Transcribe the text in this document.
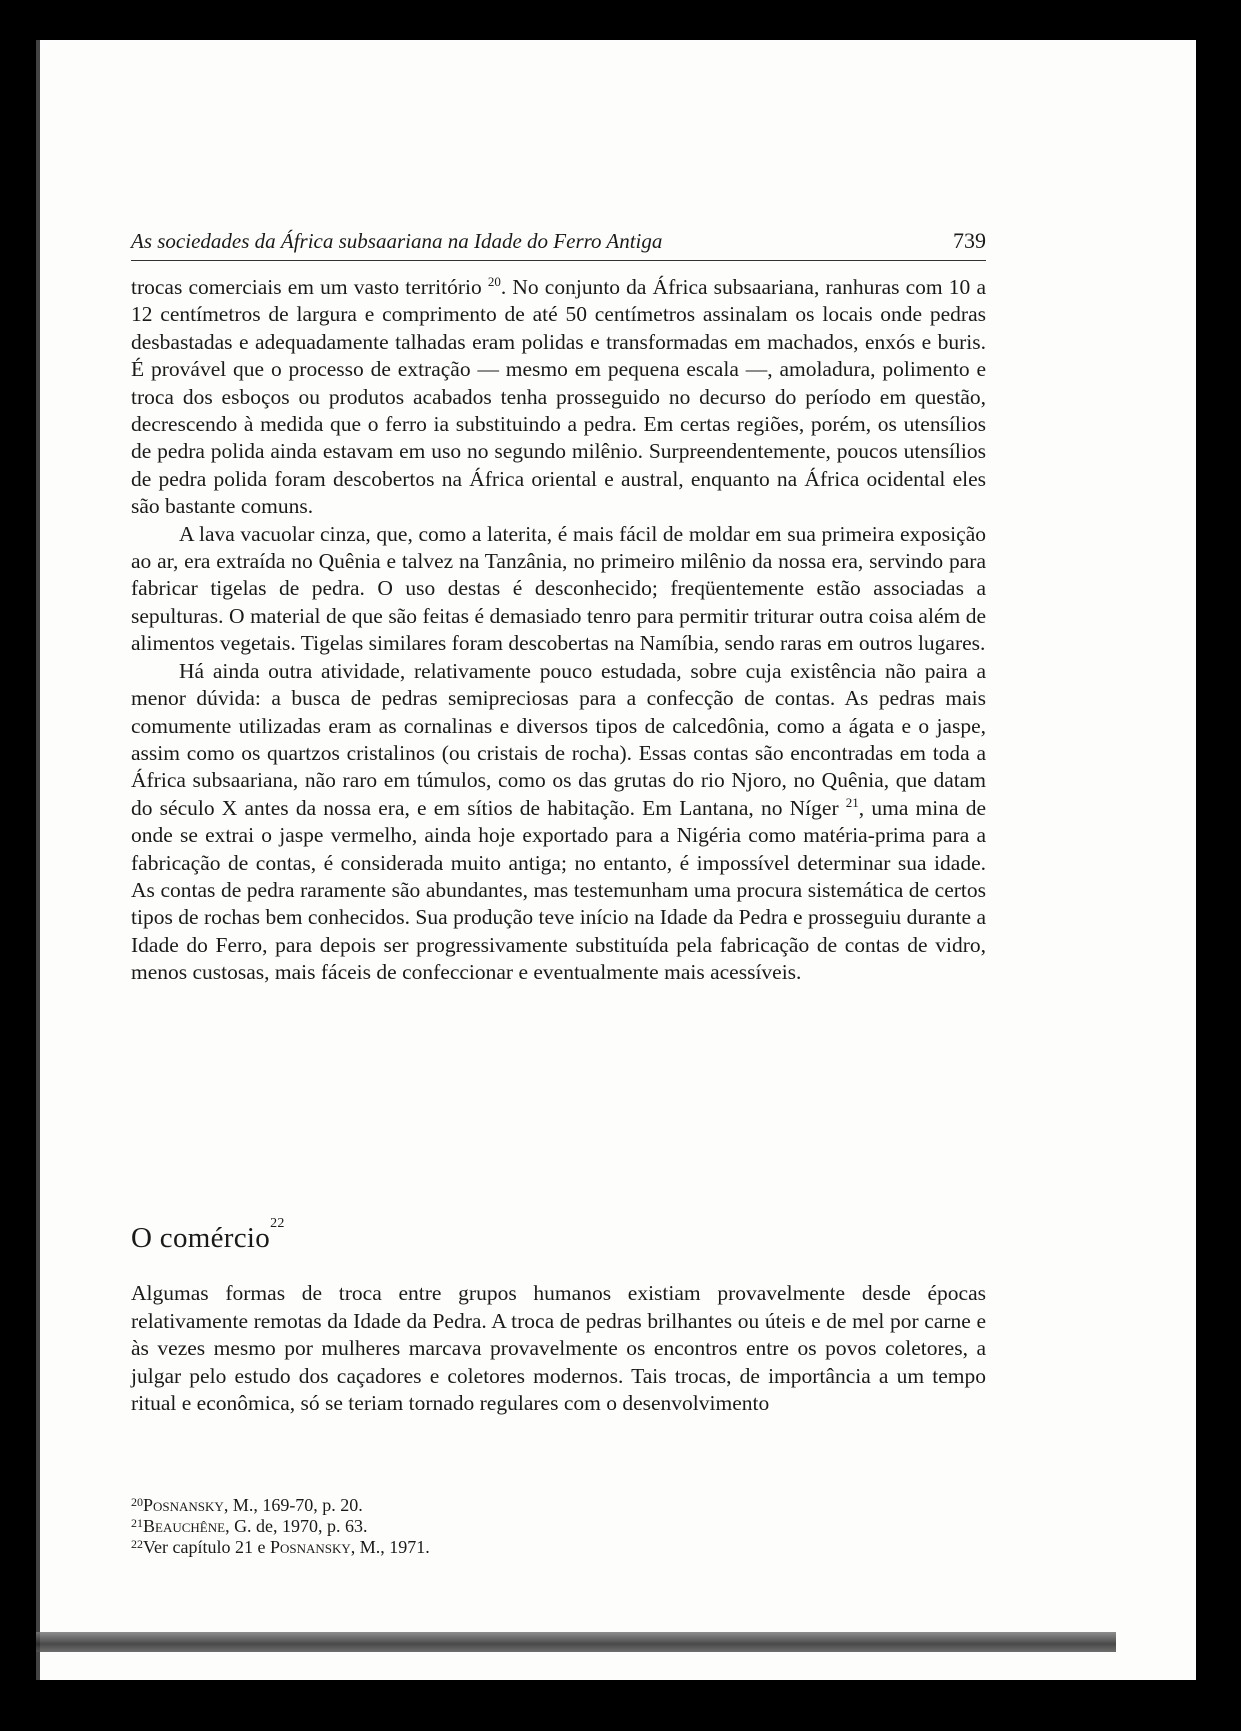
As sociedades da África subsaariana na Idade do Ferro Antiga	739

trocas comerciais em um vasto território $^{20}$. No conjunto da África subsaariana, ranhuras com 10 a 12 centímetros de largura e comprimento de até 50 centímetros assinalam os locais onde pedras desbastadas e adequadamente talhadas eram polidas e transformadas em machados, enxós e buris. É provável que o processo de extração — mesmo em pequena escala —, amoladura, polimento e troca dos esboços ou produtos acabados tenha prosseguido no decurso do período em questão, decrescendo à medida que o ferro ia substituindo a pedra. Em certas regiões, porém, os utensílios de pedra polida ainda estavam em uso no segundo milênio. Surpreendentemente, poucos utensílios de pedra polida foram descobertos na África oriental e austral, enquanto na África ocidental eles são bastante comuns.

A lava vacuolar cinza, que, como a laterita, é mais fácil de moldar em sua primeira exposição ao ar, era extraída no Quênia e talvez na Tanzânia, no primeiro milênio da nossa era, servindo para fabricar tigelas de pedra. O uso destas é desconhecido; freqüentemente estão associadas a sepulturas. O material de que são feitas é demasiado tenro para permitir triturar outra coisa além de alimentos vegetais. Tigelas similares foram descobertas na Namíbia, sendo raras em outros lugares.

Há ainda outra atividade, relativamente pouco estudada, sobre cuja existência não paira a menor dúvida: a busca de pedras semipreciosas para a confecção de contas. As pedras mais comumente utilizadas eram as cornalinas e diversos tipos de calcedônia, como a ágata e o jaspe, assim como os quartzos cristalinos (ou cristais de rocha). Essas contas são encontradas em toda a África subsaariana, não raro em túmulos, como os das grutas do rio Njoro, no Quênia, que datam do século X antes da nossa era, e em sítios de habitação. Em Lantana, no Níger $^{21}$, uma mina de onde se extrai o jaspe vermelho, ainda hoje exportado para a Nigéria como matéria-prima para a fabricação de contas, é considerada muito antiga; no entanto, é impossível determinar sua idade. As contas de pedra raramente são abundantes, mas testemunham uma procura sistemática de certos tipos de rochas bem conhecidos. Sua produção teve início na Idade da Pedra e prosseguiu durante a Idade do Ferro, para depois ser progressivamente substituída pela fabricação de contas de vidro, menos custosas, mais fáceis de confeccionar e eventualmente mais acessíveis.

O comércio$^{22}$

Algumas formas de troca entre grupos humanos existiam provavelmente desde épocas relativamente remotas da Idade da Pedra. A troca de pedras brilhantes ou úteis e de mel por carne e às vezes mesmo por mulheres marcava provavelmente os encontros entre os povos coletores, a julgar pelo estudo dos caçadores e coletores modernos. Tais trocas, de importância a um tempo ritual e econômica, só se teriam tornado regulares com o desenvolvimento

$^{20}$Posnansky, M., 169-70, p. 20.

$^{21}$Beauchêne, G. de, 1970, p. 63.

$^{22}$Ver capítulo 21 e Posnansky, M., 1971.
